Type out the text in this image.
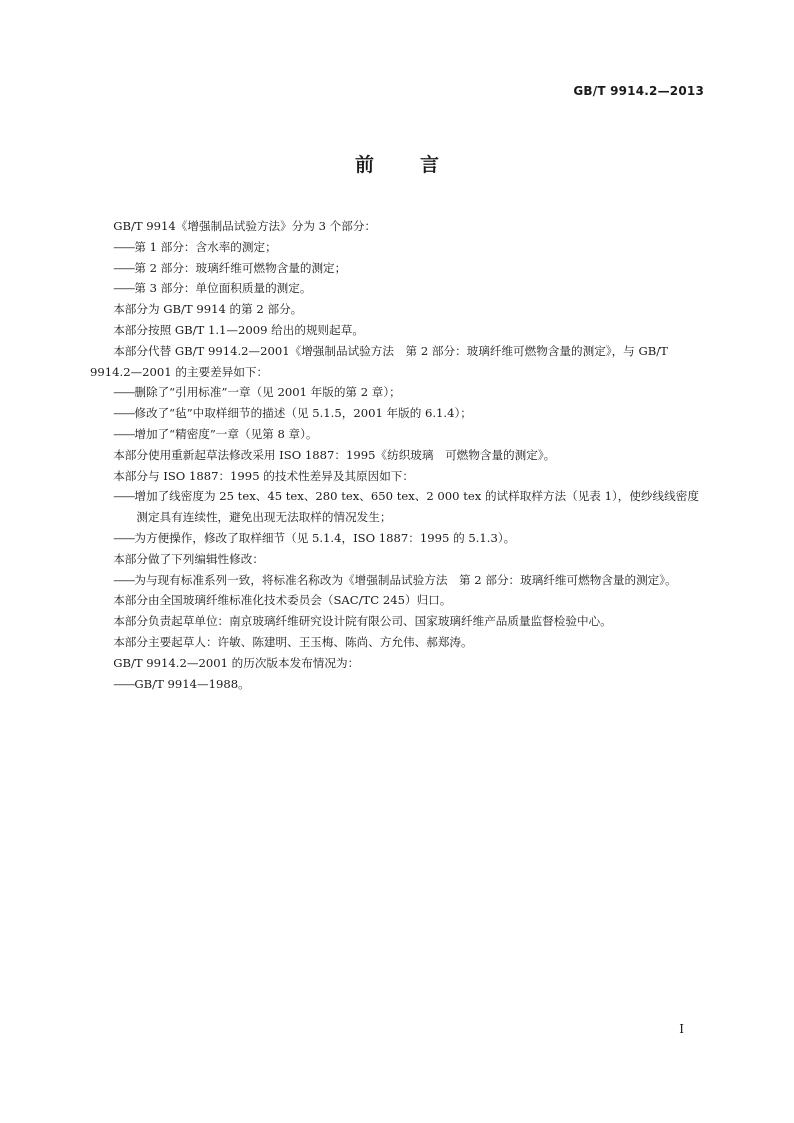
GB/T 9914.2—2013

前言

GB/T 9914《增强制品试验方法》分为 3 个部分：

——第 1 部分：含水率的测定；

——第 2 部分：玻璃纤维可燃物含量的测定；

——第 3 部分：单位面积质量的测定。

本部分为 GB/T 9914 的第 2 部分。

本部分按照 GB/T 1.1—2009 给出的规则起草。

本部分代替 GB/T 9914.2—2001《增强制品试验方法　第 2 部分：玻璃纤维可燃物含量的测定》，与 GB/T 9914.2—2001 的主要差异如下：

——删除了“引用标准”一章（见 2001 年版的第 2 章）；

——修改了“毡”中取样细节的描述（见 5.1.5，2001 年版的 6.1.4）；

——增加了“精密度”一章（见第 8 章）。

本部分使用重新起草法修改采用 ISO 1887：1995《纺织玻璃　可燃物含量的测定》。

本部分与 ISO 1887：1995 的技术性差异及其原因如下：

——增加了线密度为 25 tex、45 tex、280 tex、650 tex、2 000 tex 的试样取样方法（见表 1），使纱线线密度测定具有连续性，避免出现无法取样的情况发生；

——为方便操作，修改了取样细节（见 5.1.4，ISO 1887：1995 的 5.1.3）。

本部分做了下列编辑性修改：

——为与现有标准系列一致，将标准名称改为《增强制品试验方法　第 2 部分：玻璃纤维可燃物含量的测定》。

本部分由全国玻璃纤维标准化技术委员会（SAC/TC 245）归口。

本部分负责起草单位：南京玻璃纤维研究设计院有限公司、国家玻璃纤维产品质量监督检验中心。

本部分主要起草人：许敏、陈建明、王玉梅、陈尚、方允伟、郝郑涛。

GB/T 9914.2—2001 的历次版本发布情况为：

——GB/T 9914—1988。

I
